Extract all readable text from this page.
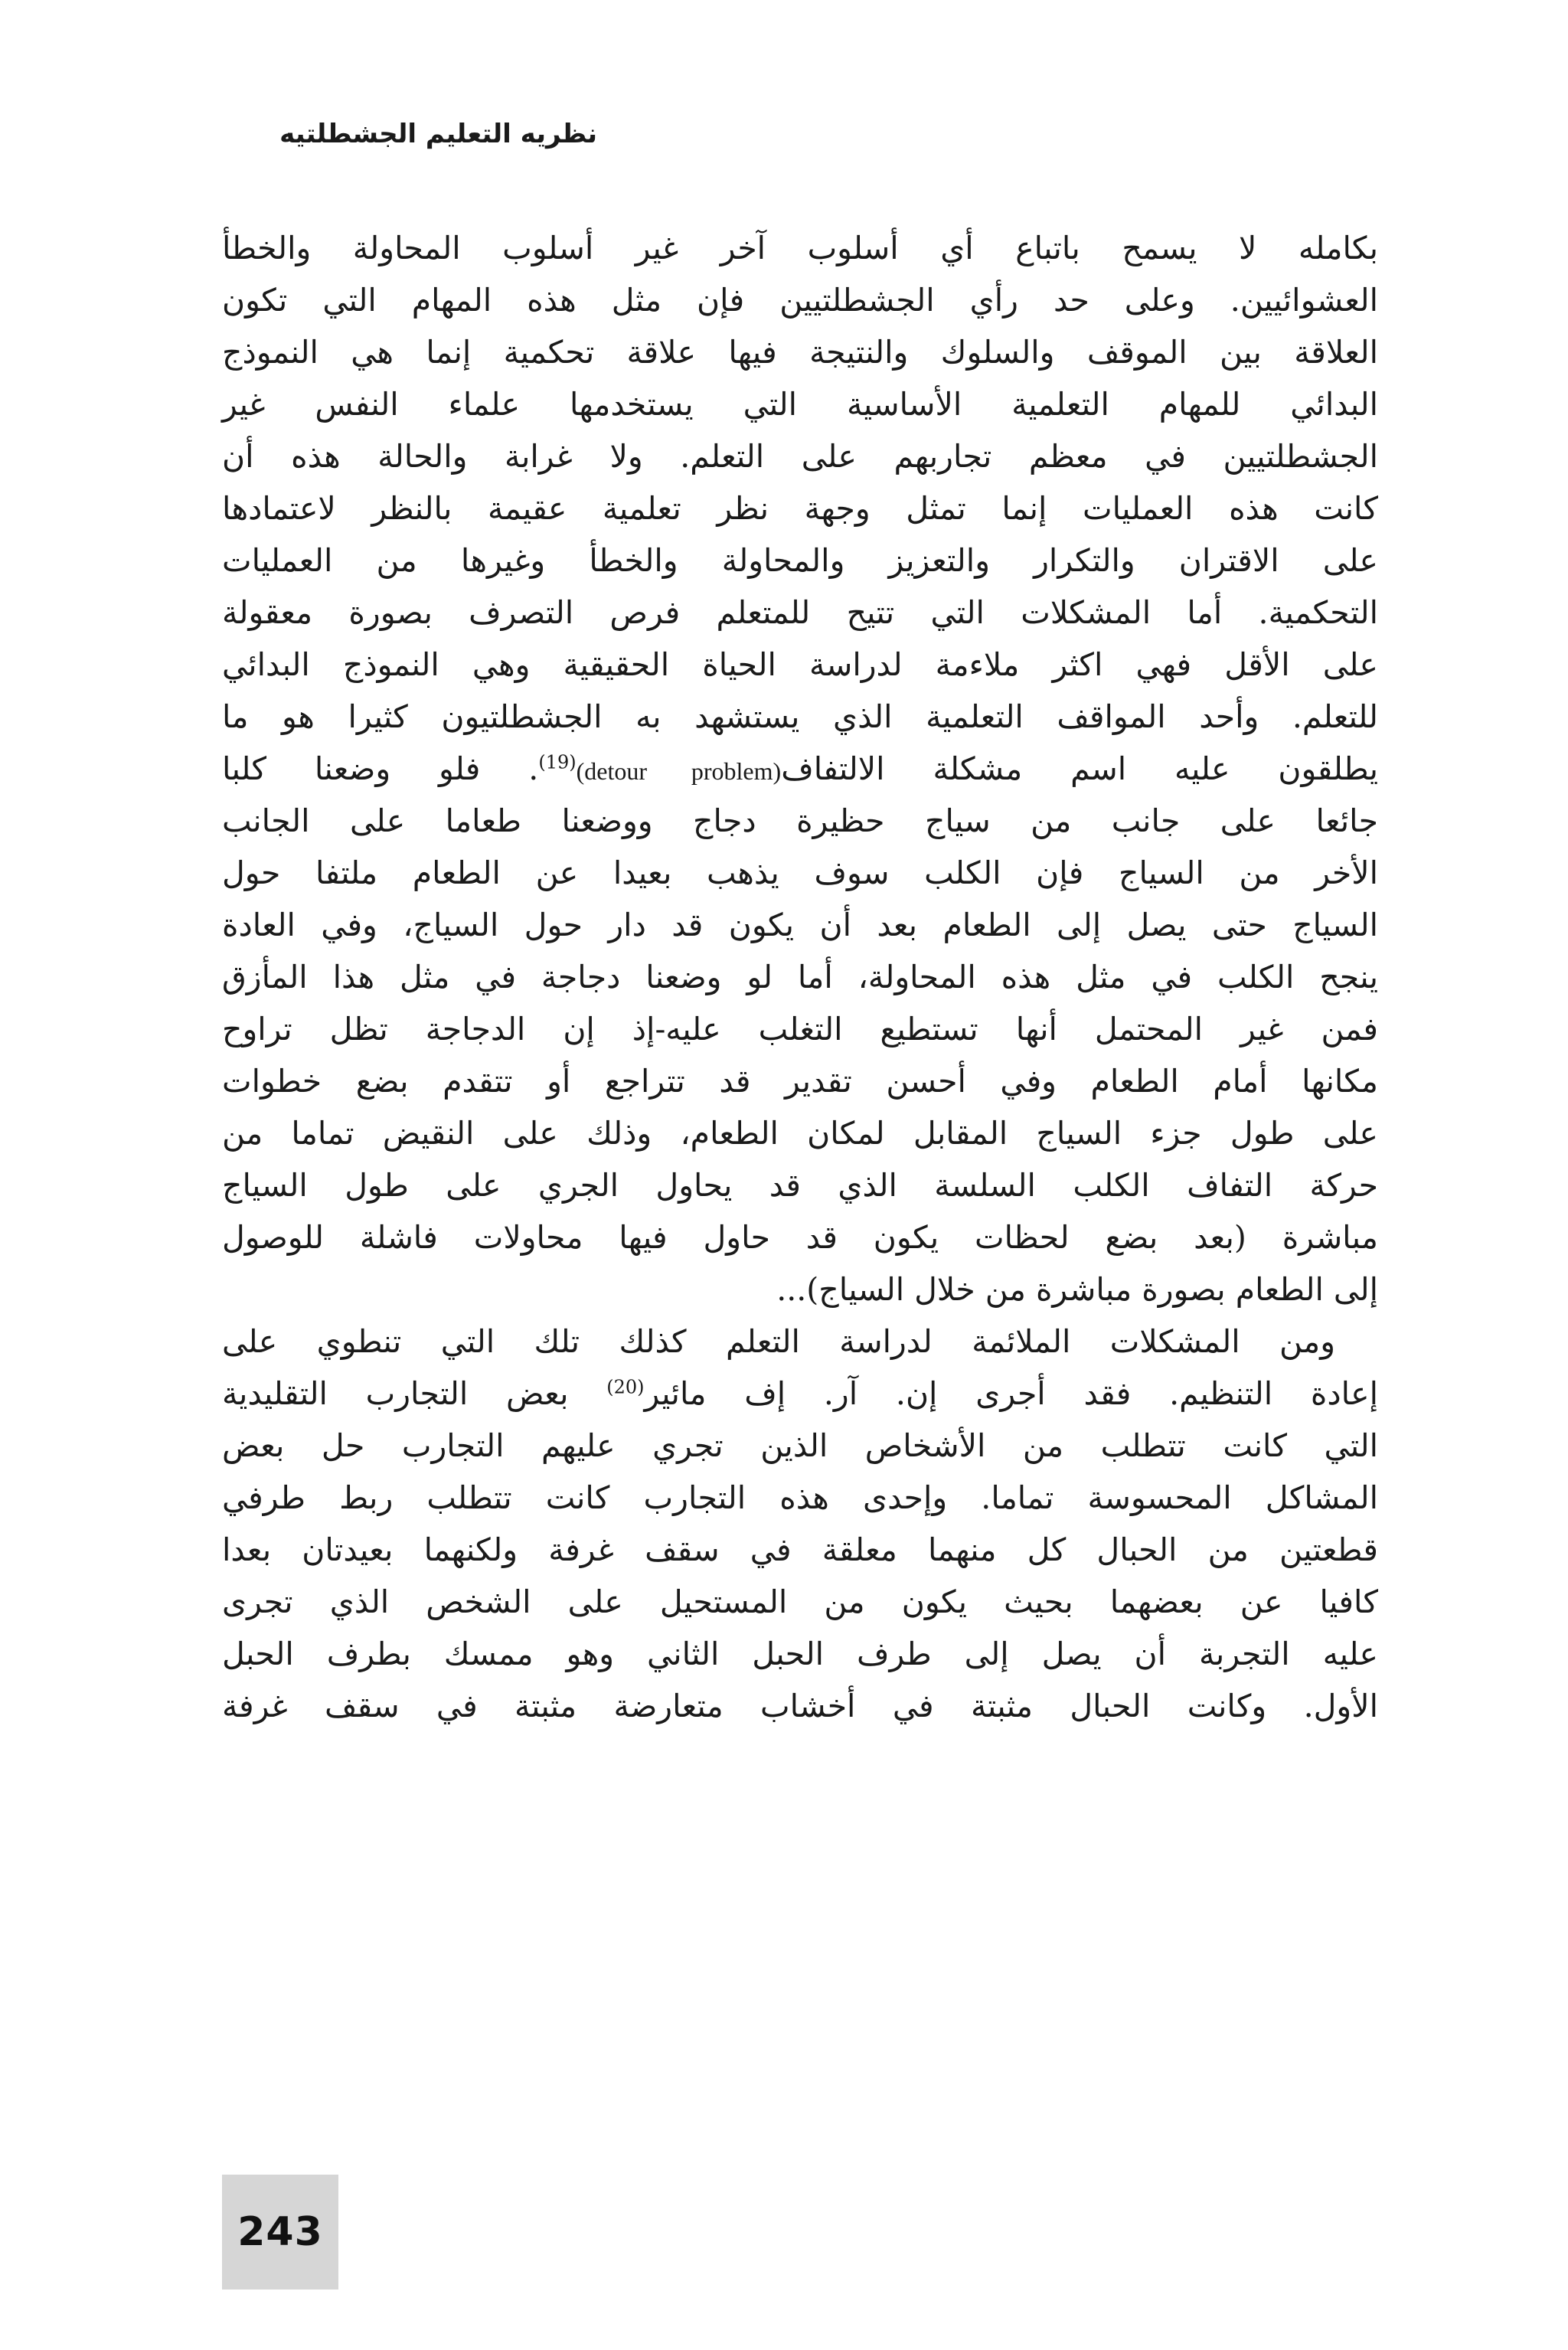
نظريه التعليم الجشطلتيه
بكامله لا يسمح باتباع أي أسلوب آخر غير أسلوب المحاولة والخطأ
العشوائيين. وعلى حد رأي الجشطلتيين فإن مثل هذه المهام التي تكون
العلاقة بين الموقف والسلوك والنتيجة فيها علاقة تحكمية إنما هي النموذج
البدائي للمهام التعلمية الأساسية التي يستخدمها علماء النفس غير
الجشطلتيين في معظم تجاربهم على التعلم. ولا غرابة والحالة هذه أن
كانت هذه العمليات إنما تمثل وجهة نظر تعلمية عقيمة بالنظر لاعتمادها
على الاقتران والتكرار والتعزيز والمحاولة والخطأ وغيرها من العمليات
التحكمية. أما المشكلات التي تتيح للمتعلم فرص التصرف بصورة معقولة
على الأقل فهي اكثر ملاءمة لدراسة الحياة الحقيقية وهي النموذج البدائي
للتعلم. وأحد المواقف التعلمية الذي يستشهد به الجشطلتيون كثيرا هو ما
يطلقون عليه اسم مشكلة الالتفاف(detour problem)$^{(19)}$. فلو وضعنا كلبا
جائعا على جانب من سياج حظيرة دجاج ووضعنا طعاما على الجانب
الأخر من السياج فإن الكلب سوف يذهب بعيدا عن الطعام ملتفا حول
السياج حتى يصل إلى الطعام بعد أن يكون قد دار حول السياج، وفي العادة
ينجح الكلب في مثل هذه المحاولة، أما لو وضعنا دجاجة في مثل هذا المأزق
فمن غير المحتمل أنها تستطيع التغلب عليه-إذ إن الدجاجة تظل تراوح
مكانها أمام الطعام وفي أحسن تقدير قد تتراجع أو تتقدم بضع خطوات
على طول جزء السياج المقابل لمكان الطعام، وذلك على النقيض تماما من
حركة التفاف الكلب السلسة الذي قد يحاول الجري على طول السياج
مباشرة (بعد بضع لحظات يكون قد حاول فيها محاولات فاشلة للوصول
إلى الطعام بصورة مباشرة من خلال السياج)...
ومن المشكلات الملائمة لدراسة التعلم كذلك تلك التي تنطوي على
إعادة التنظيم. فقد أجرى إن. آر. إف مائير$^{(20)}$ بعض التجارب التقليدية
التي كانت تتطلب من الأشخاص الذين تجري عليهم التجارب حل بعض
المشاكل المحسوسة تماما. وإحدى هذه التجارب كانت تتطلب ربط طرفي
قطعتين من الحبال كل منهما معلقة في سقف غرفة ولكنهما بعيدتان بعدا
كافيا عن بعضهما بحيث يكون من المستحيل على الشخص الذي تجرى
عليه التجربة أن يصل إلى طرف الحبل الثاني وهو ممسك بطرف الحبل
الأول. وكانت الحبال مثبتة في أخشاب متعارضة مثبتة في سقف غرفة
243
